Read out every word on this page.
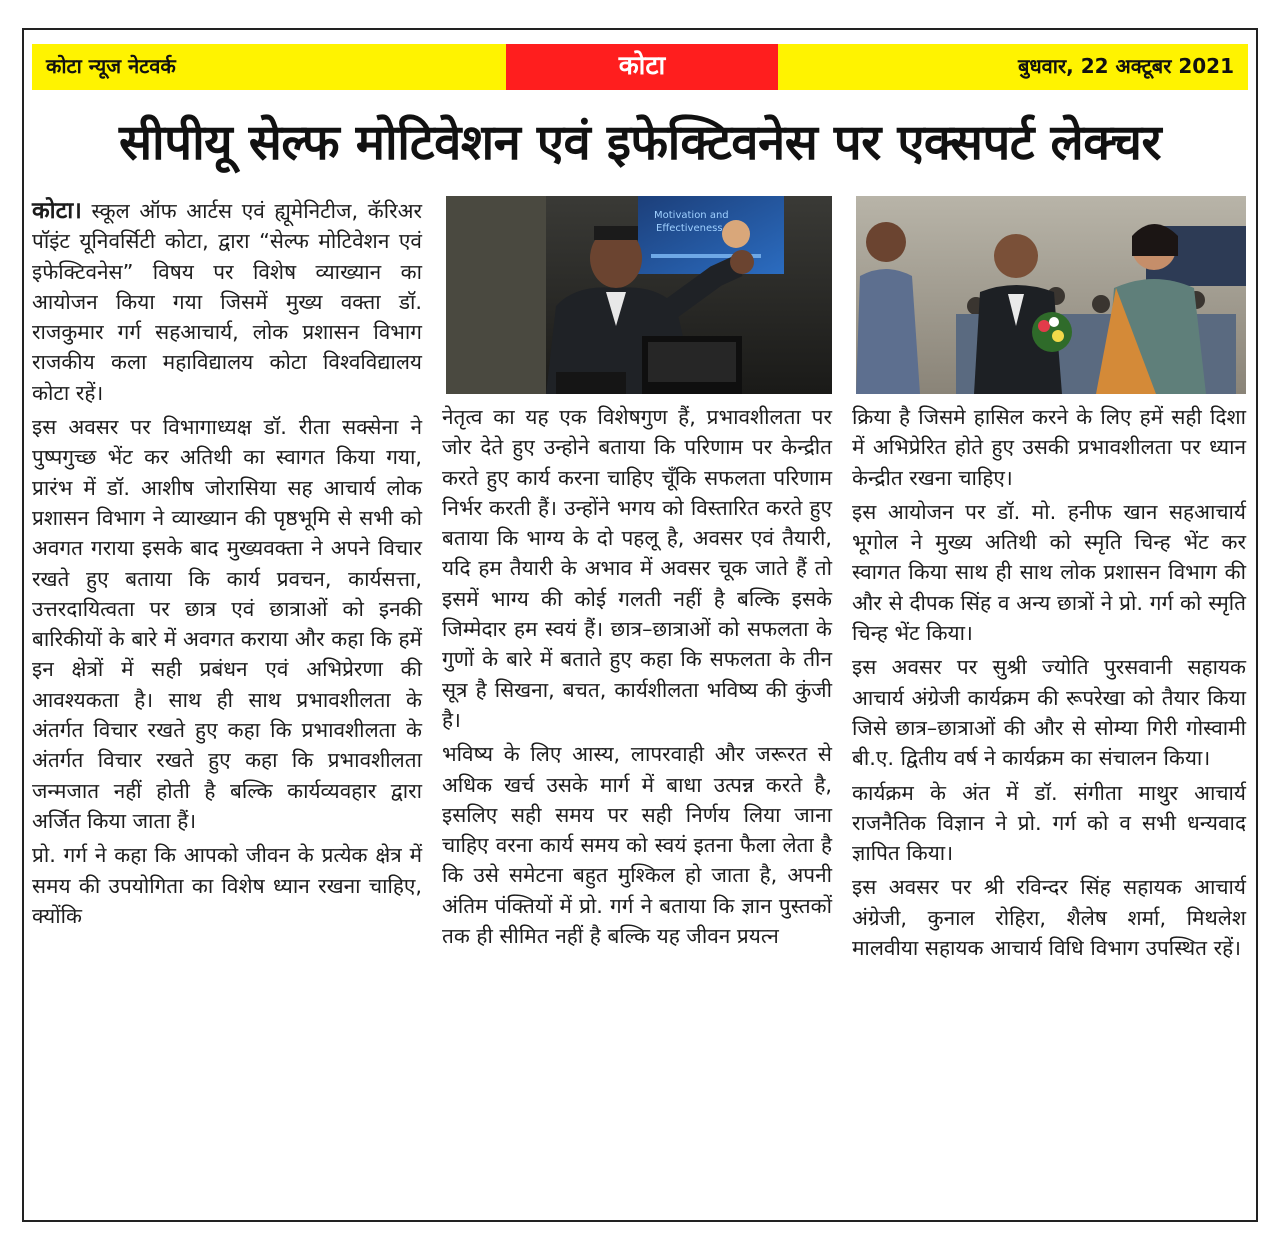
कोटा न्यूज नेटवर्क	कोटा	बुधवार, 22 अक्टूबर 2021
सीपीयू सेल्फ मोटिवेशन एवं इफेक्टिवनेस पर एक्सपर्ट लेक्चर

कोटा। स्कूल ऑफ आर्टस एवं ह्यूमेनिटीज, कॅरिअर पॉइंट यूनिवर्सिटी कोटा, द्वारा “सेल्फ मोटिवेशन एवं इफेक्टिवनेस” विषय पर विशेष व्याख्यान का आयोजन किया गया जिसमें मुख्य वक्ता डॉ. राजकुमार गर्ग सहआचार्य, लोक प्रशासन विभाग राजकीय कला महाविद्यालय कोटा विश्वविद्यालय कोटा रहें।

इस अवसर पर विभागाध्यक्ष डॉ. रीता सक्सेना ने पुष्पगुच्छ भेंट कर अतिथी का स्वागत किया गया, प्रारंभ में डॉ. आशीष जोरासिया सह आचार्य लोक प्रशासन विभाग ने व्याख्यान की पृष्ठभूमि से सभी को अवगत गराया इसके बाद मुख्यवक्ता ने अपने विचार रखते हुए बताया कि कार्य प्रवचन, कार्यसत्ता, उत्तरदायित्वता पर छात्र एवं छात्राओं को इनकी बारिकीयों के बारे में अवगत कराया और कहा कि हमें इन क्षेत्रों में सही प्रबंधन एवं अभिप्रेरणा की आवश्यकता है। साथ ही साथ प्रभावशीलता के अंतर्गत विचार रखते हुए कहा कि प्रभावशीलता के अंतर्गत विचार रखते हुए कहा कि प्रभावशीलता जन्मजात नहीं होती है बल्कि कार्यव्यवहार द्वारा अर्जित किया जाता हैं।

प्रो. गर्ग ने कहा कि आपको जीवन के प्रत्येक क्षेत्र में समय की उपयोगिता का विशेष ध्यान रखना चाहिए, क्योंकि

Motivation and
Effectiveness

नेतृत्व का यह एक विशेषगुण हैं, प्रभावशीलता पर जोर देते हुए उन्होने बताया कि परिणाम पर केन्द्रीत करते हुए कार्य करना चाहिए चूँकि सफलता परिणाम निर्भर करती हैं। उन्होंने भगय को विस्तारित करते हुए बताया कि भाग्य के दो पहलू है, अवसर एवं तैयारी, यदि हम तैयारी के अभाव में अवसर चूक जाते हैं तो इसमें भाग्य की कोई गलती नहीं है बल्कि इसके जिम्मेदार हम स्वयं हैं। छात्र–छात्राओं को सफलता के गुणों के बारे में बताते हुए कहा कि सफलता के तीन सूत्र है सिखना, बचत, कार्यशीलता भविष्य की कुंजी है।

भविष्य के लिए आस्य, लापरवाही और जरूरत से अधिक खर्च उसके मार्ग में बाधा उत्पन्न करते है, इसलिए सही समय पर सही निर्णय लिया जाना चाहिए वरना कार्य समय को स्वयं इतना फैला लेता है कि उसे समेटना बहुत मुश्किल हो जाता है, अपनी अंतिम पंक्तियों में प्रो. गर्ग ने बताया कि ज्ञान पुस्तकों तक ही सीमित नहीं है बल्कि यह जीवन प्रयत्न

क्रिया है जिसमे हासिल करने के लिए हमें सही दिशा में अभिप्रेरित होते हुए उसकी प्रभावशीलता पर ध्यान केन्द्रीत रखना चाहिए।

इस आयोजन पर डॉ. मो. हनीफ खान सहआचार्य भूगोल ने मुख्य अतिथी को स्मृति चिन्ह भेंट कर स्वागत किया साथ ही साथ लोक प्रशासन विभाग की और से दीपक सिंह व अन्य छात्रों ने प्रो. गर्ग को स्मृति चिन्ह भेंट किया।

इस अवसर पर सुश्री ज्योति पुरसवानी सहायक आचार्य अंग्रेजी कार्यक्रम की रूपरेखा को तैयार किया जिसे छात्र–छात्राओं की और से सोम्या गिरी गोस्वामी बी.ए. द्वितीय वर्ष ने कार्यक्रम का संचालन किया।

कार्यक्रम के अंत में डॉ. संगीता माथुर आचार्य राजनैतिक विज्ञान ने प्रो. गर्ग को व सभी धन्यवाद ज्ञापित किया।

इस अवसर पर श्री रविन्दर सिंह सहायक आचार्य अंग्रेजी, कुनाल रोहिरा, शैलेष शर्मा, मिथलेश मालवीया सहायक आचार्य विधि विभाग उपस्थित रहें।
